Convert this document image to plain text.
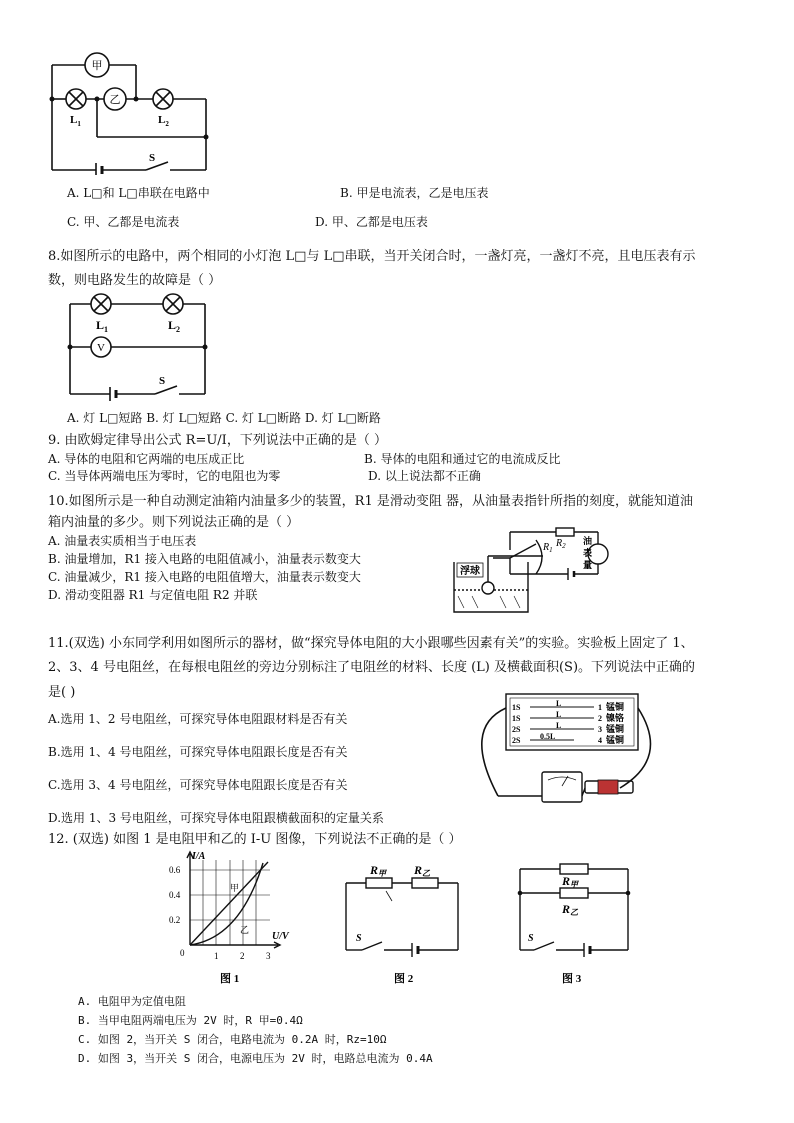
甲
乙
$L_1$	$L_2$
S
A. L□和 L□串联在电路中	B. 甲是电流表，乙是电压表
C. 甲、乙都是电流表	D. 甲、乙都是电压表
8.如图所示的电路中，两个相同的小灯泡 L□与 L□串联，当开关闭合时，一盏灯亮，一盏灯不亮，且电压表有示
数，则电路发生的故障是（ ）
V
$L_1$	$L_2$
S
A. 灯 L□短路 B. 灯 L□短路 C. 灯 L□断路 D. 灯 L□断路
9. 由欧姆定律导出公式 R=U/I，下列说法中正确的是（ ）
A. 导体的电阻和它两端的电压成正比	B. 导体的电阻和通过它的电流成反比
C. 当导体两端电压为零时，它的电阻也为零	D. 以上说法都不正确
10.如图所示是一种自动测定油箱内油量多少的装置，R1 是滑动变阻 器，从油量表指针所指的刻度，就能知道油
箱内油量的多少。则下列说法正确的是（ ）
A. 油量表实质相当于电压表
B. 油量增加，R1 接入电路的电阻值减小，油量表示数变大
C. 油量减少，R1 接入电路的电阻值增大，油量表示数变大
D. 滑动变阻器 R1 与定值电阻 R2 并联
浮球
$R_1$
$R_2$ 油
表
量
11.(双选) 小东同学利用如图所示的器材，做“探究导体电阻的大小跟哪些因素有关”的实验。实验板上固定了 1、
2、3、4 号电阻丝，在每根电阻丝的旁边分别标注了电阻丝的材料、长度 (L) 及横截面积(S)。下列说法中正确的
是( )
A.选用 1、2 号电阻丝，可探究导体电阻跟材料是否有关
B.选用 1、4 号电阻丝，可探究导体电阻跟长度是否有关
C.选用 3、4 号电阻丝，可探究导体电阻跟长度是否有关
D.选用 1、3 号电阻丝，可探究导体电阻跟横截面积的定量关系
1S	L	1 锰铜
1S	L	2 镍铬
2S	L	3 锰铜
2S 0.5L	4 锰铜
12. (双选) 如图 1 是电阻甲和乙的 I-U 图像，下列说法不正确的是（ ）
I/A
U/V
0.6
0.4
0.2
0	1 2 3
甲
乙
图 1
R甲 R乙
S
图 2
R甲
R乙
S
图 3
A. 电阻甲为定值电阻
B. 当甲电阻两端电压为 2V 时，R 甲=0.4Ω
C. 如图 2，当开关 S 闭合，电路电流为 0.2A 时，Rz=10Ω
D. 如图 3，当开关 S 闭合，电源电压为 2V 时，电路总电流为 0.4A
